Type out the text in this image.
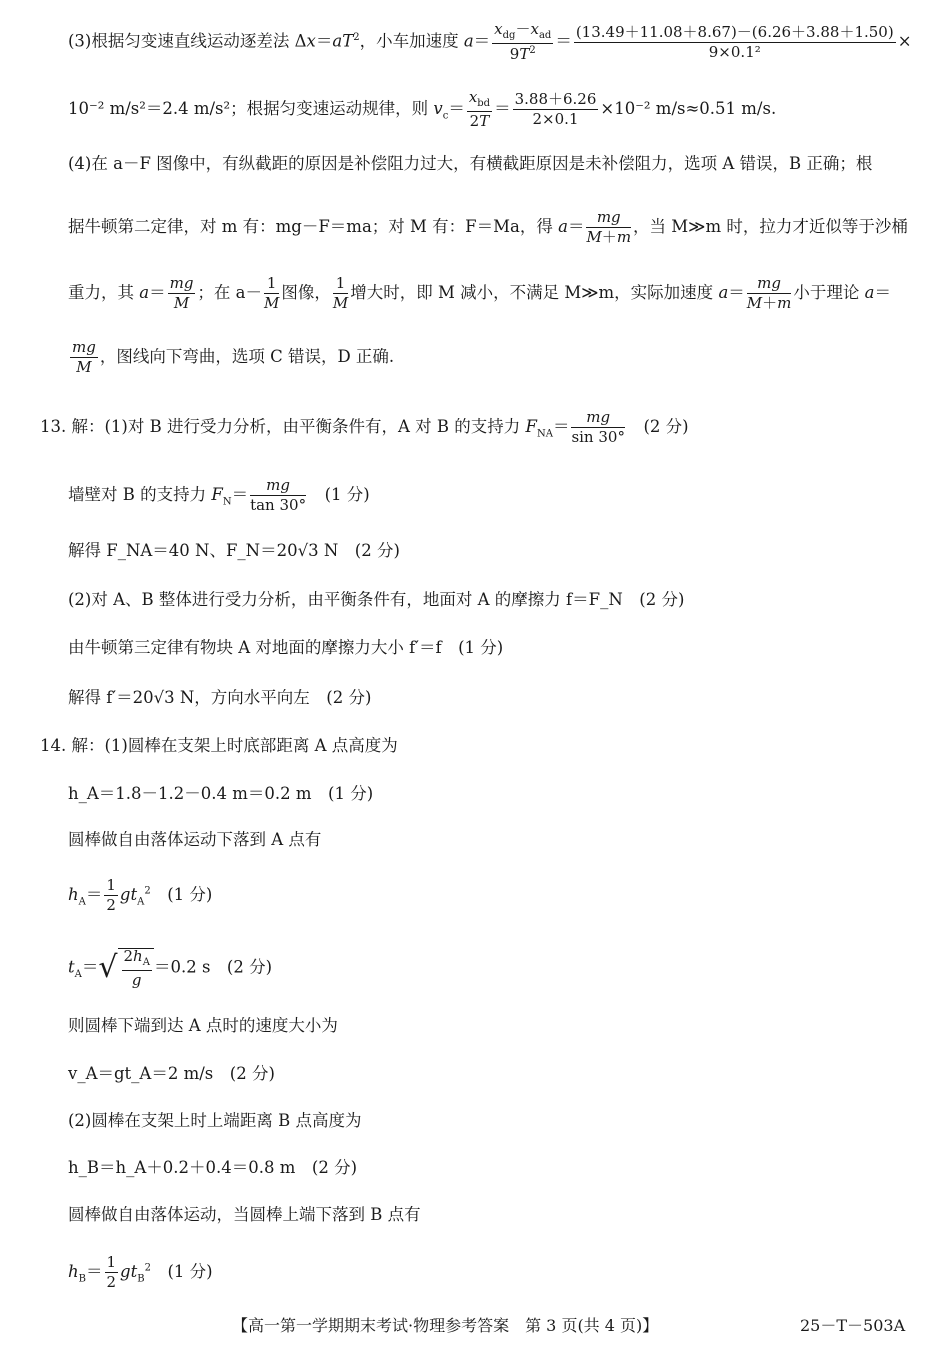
(3)根据匀变速直线运动逐差法 $\Delta x=aT^2$，小车加速度 $a= \frac{x_{dg}-x_{ad}}{9T^2} = \frac{(13.49+11.08+8.67)-(6.26+3.88+1.50)}{\text{9×0.1²}}$ ×
10⁻² m/s²＝2.4 m/s²；根据匀变速运动规律，则 $v_c= \frac{x_{bd}}{2T} = \frac{3.88+6.26}{2\times 0.1} \times 10^{-2}$ m/s≈0.51 m/s.
(4)在 a－F 图像中，有纵截距的原因是补偿阻力过大，有横截距原因是未补偿阻力，选项 A 错误，B 正确；根
据牛顿第二定律，对 m 有：mg－F＝ma；对 M 有：F＝Ma，得 $a= \frac{mg}{M+m}$ ，当 M≫m 时，拉力才近似等于沙桶
重力，其 $a= \frac{mg}{M}$ ；在 $a- \frac{1}{M}$ 图像， $\frac{1}{M}$ 增大时，即 M 减小，不满足 M≫m，实际加速度 $a= \frac{mg}{M+m}$ 小于理论 a＝
$\frac{mg}{M}$ ，图线向下弯曲，选项 C 错误，D 正确.
13. 解：(1)对 B 进行受力分析，由平衡条件有，A 对 B 的支持力 $F_{NA}= \frac{mg}{\sin 30^\circ}$
　 (2 分)
墙壁对 B 的支持力 $F_N= \frac{mg}{\tan 30^\circ}$
　 (1 分)
解得 F_NA＝40 N、F_N＝20√3 N　(2 分)
(2)对 A、B 整体进行受力分析，由平衡条件有，地面对 A 的摩擦力 f＝F_N　(2 分)
由牛顿第三定律有物块 A 对地面的摩擦力大小 f′＝f　(1 分)
解得 f′＝20√3 N，方向水平向左　(2 分)
14. 解：(1)圆棒在支架上时底部距离 A 点高度为
h_A＝1.8－1.2－0.4 m＝0.2 m　(1 分)
圆棒做自由落体运动下落到 A 点有
$h_A= \frac{1}{2} gt_A^2$　 (1 分)
$t_A=√ \frac{2h_A}{g} =0.2$ s　(2 分)
则圆棒下端到达 A 点时的速度大小为
v_A＝gt_A＝2 m/s　(2 分)
(2)圆棒在支架上时上端距离 B 点高度为
h_B＝h_A＋0.2＋0.4＝0.8 m　(2 分)
圆棒做自由落体运动，当圆棒上端下落到 B 点有
$h_B= \frac{1}{2} gt_B^2$　 (1 分)
【高一第一学期期末考试·物理参考答案　第 3 页(共 4 页)】	25－T－503A
